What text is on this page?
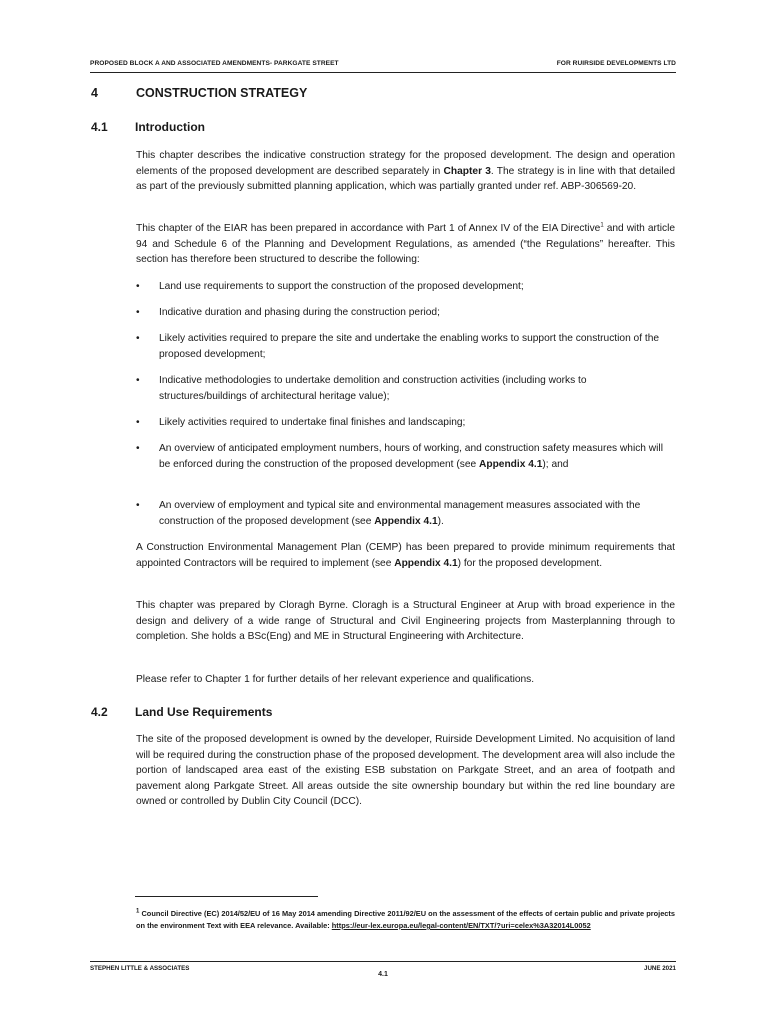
PROPOSED BLOCK A AND ASSOCIATED AMENDMENTS- PARKGATE STREET	FOR RUIRSIDE DEVELOPMENTS LTD
4	CONSTRUCTION STRATEGY
4.1 Introduction

This chapter describes the indicative construction strategy for the proposed development. The design and operation elements of the proposed development are described separately in Chapter 3. The strategy is in line with that detailed as part of the previously submitted planning application, which was partially granted under ref. ABP-306569-20.

This chapter of the EIAR has been prepared in accordance with Part 1 of Annex IV of the EIA Directive$^1$ and with article 94 and Schedule 6 of the Planning and Development Regulations, as amended (“the Regulations” hereafter. This section has therefore been structured to describe the following:

• Land use requirements to support the construction of the proposed development;
• Indicative duration and phasing during the construction period;
• Likely activities required to prepare the site and undertake the enabling works to support the construction of the proposed development;
• Indicative methodologies to undertake demolition and construction activities (including works to structures/buildings of architectural heritage value);
• Likely activities required to undertake final finishes and landscaping;
• An overview of anticipated employment numbers, hours of working, and construction safety measures which will be enforced during the construction of the proposed development (see Appendix 4.1); and
• An overview of employment and typical site and environmental management measures associated with the construction of the proposed development (see Appendix 4.1).

A Construction Environmental Management Plan (CEMP) has been prepared to provide minimum requirements that appointed Contractors will be required to implement (see Appendix 4.1) for the proposed development.

This chapter was prepared by Cloragh Byrne. Cloragh is a Structural Engineer at Arup with broad experience in the design and delivery of a wide range of Structural and Civil Engineering projects from Masterplanning through to completion. She holds a BSc(Eng) and ME in Structural Engineering with Architecture.

Please refer to Chapter 1 for further details of her relevant experience and qualifications.

4.2 Land Use Requirements

The site of the proposed development is owned by the developer, Ruirside Development Limited. No acquisition of land will be required during the construction phase of the proposed development. The development area will also include the portion of landscaped area east of the existing ESB substation on Parkgate Street, and an area of footpath and pavement along Parkgate Street. All areas outside the site ownership boundary but within the red line boundary are owned or controlled by Dublin City Council (DCC).

$^1$ Council Directive (EC) 2014/52/EU of 16 May 2014 amending Directive 2011/92/EU on the assessment of the effects of certain public and private projects on the environment Text with EEA relevance. Available: https://eur-lex.europa.eu/legal-content/EN/TXT/?uri=celex%3A32014L0052
STEPHEN LITTLE & ASSOCIATES
4.1
JUNE 2021
